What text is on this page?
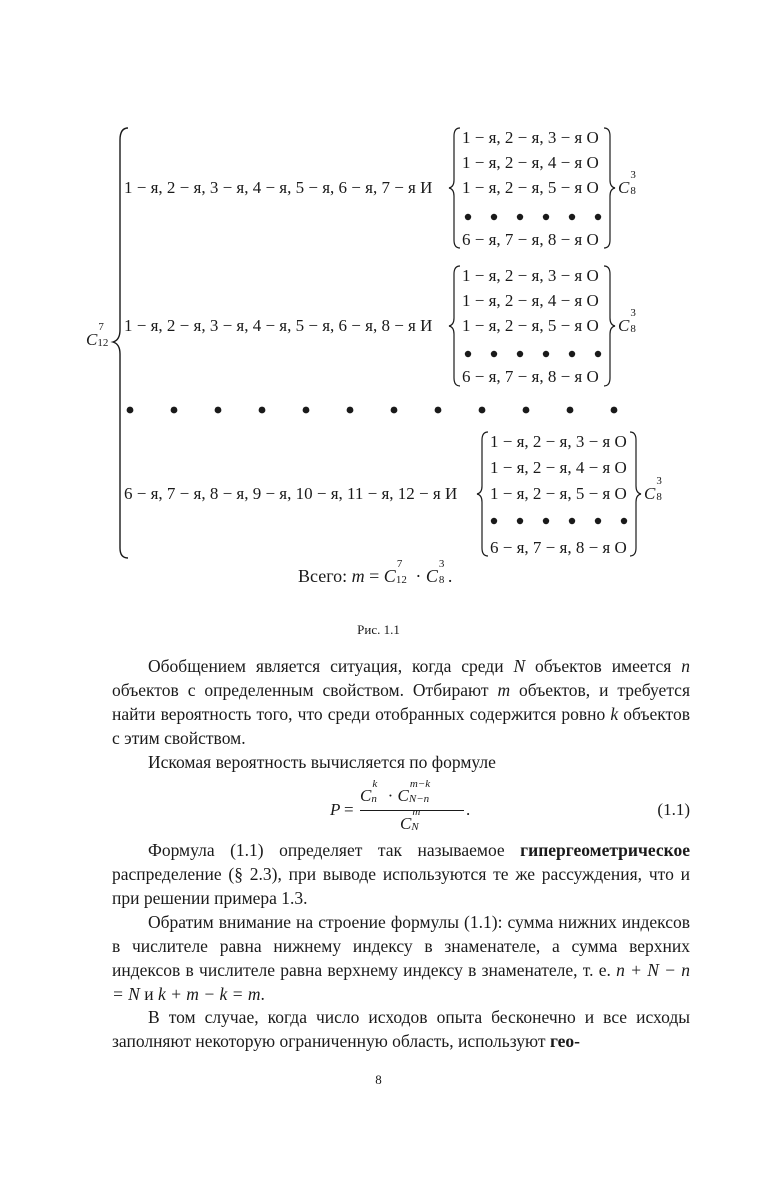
C
7
12
1 − я, 2 − я, 3 − я, 4 − я, 5 − я, 6 − я, 7 − я И
1 − я, 2 − я, 3 − я О
1 − я, 2 − я, 4 − я О
1 − я, 2 − я, 5 − я О
6 − я, 7 − я, 8 − я О
C
3
8
1 − я, 2 − я, 3 − я, 4 − я, 5 − я, 6 − я, 8 − я И
1 − я, 2 − я, 3 − я О
1 − я, 2 − я, 4 − я О
1 − я, 2 − я, 5 − я О
6 − я, 7 − я, 8 − я О
C
3
8
6 − я, 7 − я, 8 − я, 9 − я, 10 − я, 11 − я, 12 − я И
1 − я, 2 − я, 3 − я О
1 − я, 2 − я, 4 − я О
1 − я, 2 − я, 5 − я О
6 − я, 7 − я, 8 − я О
C
3
8
Всего: m = C
7
12 · C
3
8 .
Рис. 1.1
Обобщением является ситуация, когда среди N объектов имеется n объектов с определенным свойством. Отбирают m объектов, и требуется найти вероятность того, что среди отобранных содержится ровно k объектов с этим свойством.
Искомая вероятность вычисляется по формуле
P =
C
k
n · C
m−k
N−n
.
C
m
N
(1.1)
Формула (1.1) определяет так называемое гипергеометрическое распределение (§ 2.3), при выводе используются те же рассуждения, что и при решении примера 1.3.
Обратим внимание на строение формулы (1.1): сумма нижних индексов в числителе равна нижнему индексу в знаменателе, а сумма верхних индексов в числителе равна верхнему индексу в знаменателе, т. е. n + N − n = N и k + m − k = m.
В том случае, когда число исходов опыта бесконечно и все исходы заполняют некоторую ограниченную область, используют гео-
8
